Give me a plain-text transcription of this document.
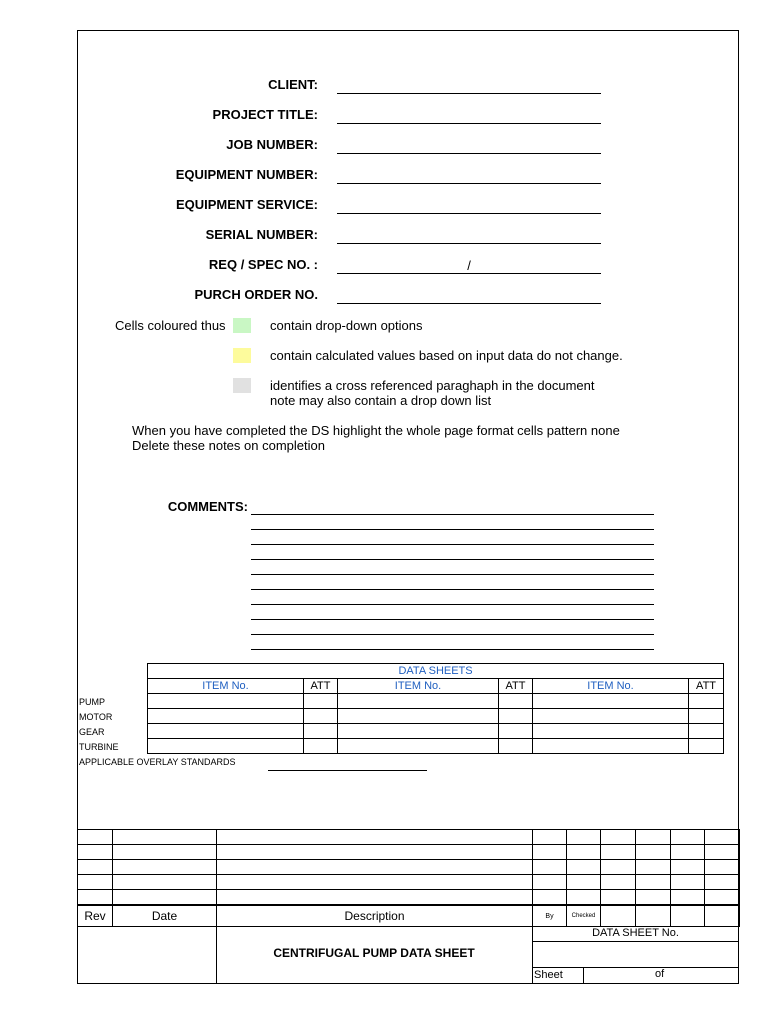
CLIENT:
PROJECT TITLE:
JOB NUMBER:
EQUIPMENT NUMBER:
EQUIPMENT SERVICE:
SERIAL NUMBER:
REQ / SPEC NO. :	/
PURCH ORDER NO.
Cells coloured thus	contain drop-down options
contain calculated values based on input data do not change.
identifies a cross referenced paraghaph in the document
note may also contain a drop down list
When you have completed the DS highlight the whole page format cells pattern none
Delete these notes on completion
COMMENTS:
DATA SHEETS					
ITEM No.	ATT	ITEM No.	ATT	ITEM No.	ATT

PUMP
MOTOR
GEAR
TURBINE
APPLICABLE OVERLAY STANDARDS

Rev	Date	Description	By	Checked				
CENTRIFUGAL PUMP DATA SHEET
DATA SHEET No.
Sheet	of
